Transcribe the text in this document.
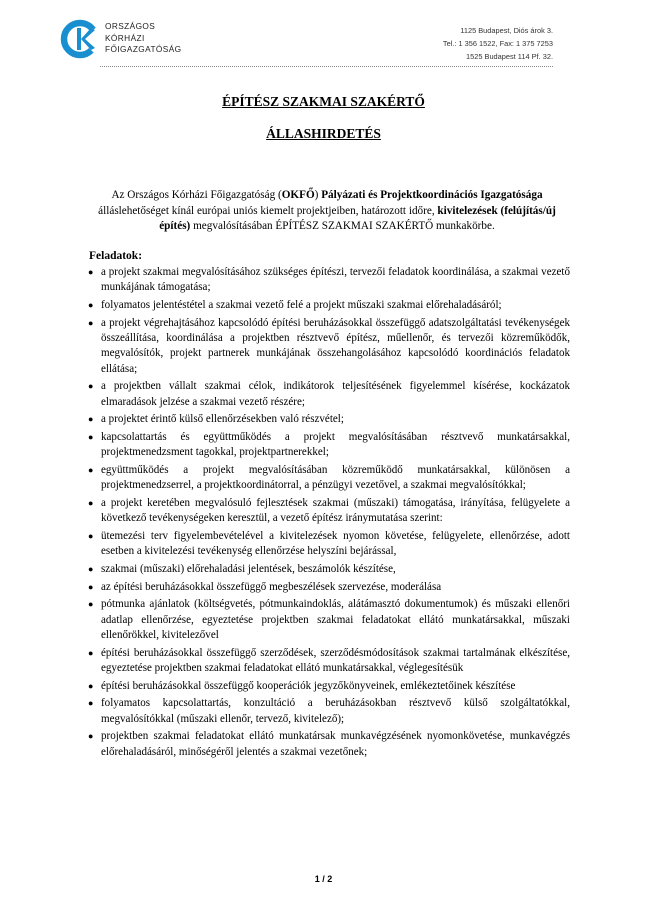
ORSZÁGOS
KÓRHÁZI
FŐIGAZGATÓSÁG
1125 Budapest, Diós árok 3.
Tel.: 1 356 1522, Fax: 1 375 7253
1525 Budapest 114 Pf. 32.
ÉPÍTÉSZ SZAKMAI SZAKÉRTŐ
ÁLLASHIRDETÉS
Az Országos Kórházi Főigazgatóság (OKFŐ) Pályázati és Projektkoordinációs Igazgatósága álláslehetőséget kínál európai uniós kiemelt projektjeiben, határozott időre, kivitelezések (felújítás/új építés) megvalósításában ÉPÍTÉSZ SZAKMAI SZAKÉRTŐ munkakörbe.
Feladatok:
● a projekt szakmai megvalósításához szükséges építészi, tervezői feladatok koordinálása, a szakmai vezető munkájának támogatása;
● folyamatos jelentéstétel a szakmai vezető felé a projekt műszaki szakmai előrehaladásáról;
● a projekt végrehajtásához kapcsolódó építési beruházásokkal összefüggő adatszolgáltatási tevékenységek összeállítása, koordinálása a projektben résztvevő építész, műellenőr, és tervezői közreműködők, megvalósítók, projekt partnerek munkájának összehangolásához kapcsolódó koordinációs feladatok ellátása;
● a projektben vállalt szakmai célok, indikátorok teljesítésének figyelemmel kísérése, kockázatok elmaradások jelzése a szakmai vezető részére;
● a projektet érintő külső ellenőrzésekben való részvétel;
● kapcsolattartás és együttműködés a projekt megvalósításában résztvevő munkatársakkal, projektmenedzsment tagokkal, projektpartnerekkel;
● együttműködés a projekt megvalósításában közreműködő munkatársakkal, különösen a projektmenedzserrel, a projektkoordinátorral, a pénzügyi vezetővel, a szakmai megvalósítókkal;
● a projekt keretében megvalósuló fejlesztések szakmai (műszaki) támogatása, irányítása, felügyelete a következő tevékenységeken keresztül, a vezető építész iránymutatása szerint:
● ütemezési terv figyelembevételével a kivitelezések nyomon követése, felügyelete, ellenőrzése, adott esetben a kivitelezési tevékenység ellenőrzése helyszíni bejárással,
● szakmai (műszaki) előrehaladási jelentések, beszámolók készítése,
● az építési beruházásokkal összefüggő megbeszélések szervezése, moderálása
● pótmunka ajánlatok (költségvetés, pótmunkaindoklás, alátámasztó dokumentumok) és műszaki ellenőri adatlap ellenőrzése, egyeztetése projektben szakmai feladatokat ellátó munkatársakkal, műszaki ellenőrökkel, kivitelezővel
● építési beruházásokkal összefüggő szerződések, szerződésmódosítások szakmai tartalmának elkészítése, egyeztetése projektben szakmai feladatokat ellátó munkatársakkal, véglegesítésük
● építési beruházásokkal összefüggő kooperációk jegyzőkönyveinek, emlékeztetőinek készítése
● folyamatos kapcsolattartás, konzultáció a beruházásokban résztvevő külső szolgáltatókkal, megvalósítókkal (műszaki ellenőr, tervező, kivitelező);
● projektben szakmai feladatokat ellátó munkatársak munkavégzésének nyomonkövetése, munkavégzés előrehaladásáról, minőségéről jelentés a szakmai vezetőnek;
1 / 2
